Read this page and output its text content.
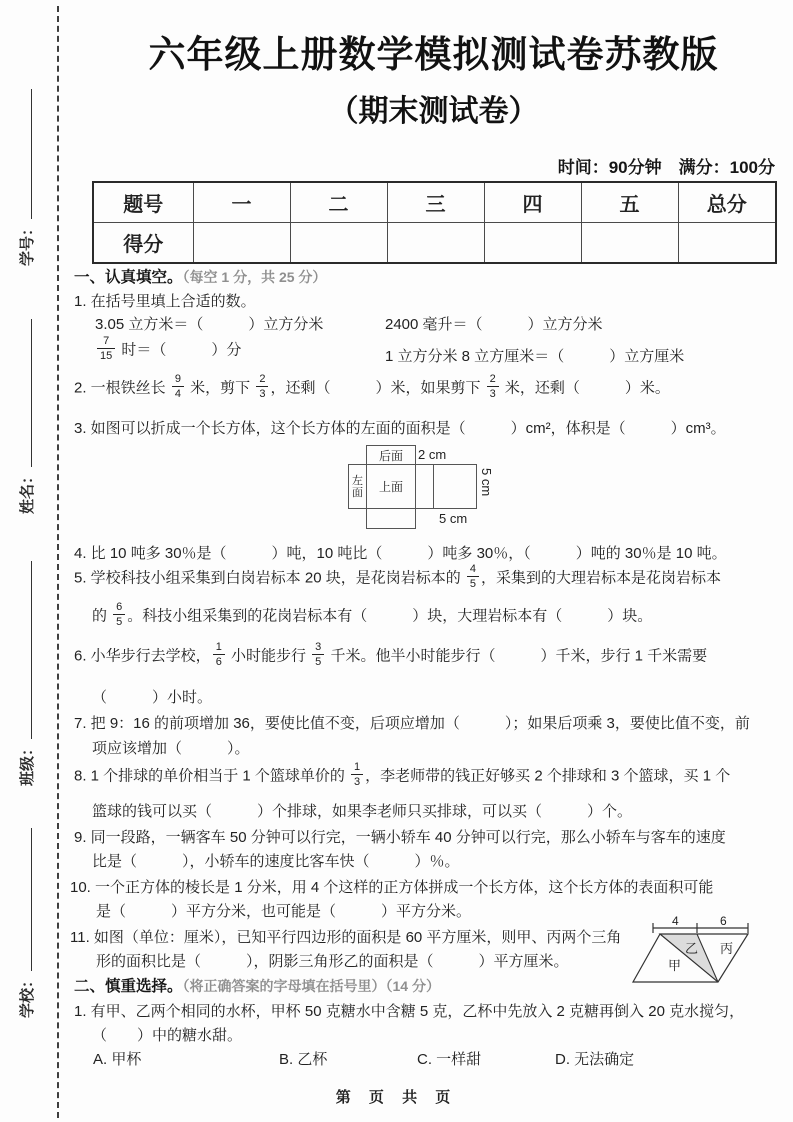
学号：
姓名：
班级：
学校：
六年级上册数学模拟测试卷苏教版
（期末测试卷）
时间：90分钟　满分：100分
题号	一	二	三	四	五	总分
得分						
一、认真填空。（每空 1 分，共 25 分）
1. 在括号里填上合适的数。
3.05 立方米＝（　　　）立方分米	2400 毫升＝（　　　）立方分米
$\frac{7}{15}$ 时＝（　　　）分	1 立方分米 8 立方厘米＝（　　　）立方厘米
2. 一根铁丝长 $\frac{9}{4}$ 米，剪下 $\frac{2}{3}$ ，还剩（　　　）米，如果剪下 $\frac{2}{3}$ 米，还剩（　　　）米。
3. 如图可以折成一个长方体，这个长方体的左面的面积是（　　　）cm²，体积是（　　　）cm³。
后面
左面 上面
2 cm
5 cm
5 cm
4. 比 10 吨多 30％是（　　　）吨，10 吨比（　　　）吨多 30％，（　　　）吨的 30％是 10 吨。
5. 学校科技小组采集到白岗岩标本 20 块，是花岗岩标本的 $\frac{4}{5}$ ，采集到的大理岩标本是花岗岩标本
的 $\frac{6}{5}$ 。科技小组采集到的花岗岩标本有（　　　）块，大理岩标本有（　　　）块。
6. 小华步行去学校， $\frac{1}{6}$ 小时能步行 $\frac{3}{5}$ 千米。他半小时能步行（　　　）千米，步行 1 千米需要
（　　　）小时。
7. 把 9：16 的前项增加 36，要使比值不变，后项应增加（　　　）；如果后项乘 3，要使比值不变，前
项应该增加（　　　）。
8. 1 个排球的单价相当于 1 个篮球单价的 $\frac{1}{3}$ ，李老师带的钱正好够买 2 个排球和 3 个篮球，买 1 个
篮球的钱可以买（　　　）个排球，如果李老师只买排球，可以买（　　　）个。
9. 同一段路，一辆客车 50 分钟可以行完，一辆小轿车 40 分钟可以行完，那么小轿车与客车的速度
比是（　　　），小轿车的速度比客车快（　　　）％。
10. 一个正方体的棱长是 1 分米，用 4 个这样的正方体拼成一个长方体，这个长方体的表面积可能
是（　　　）平方分米，也可能是（　　　）平方分米。
11. 如图（单位：厘米），已知平行四边形的面积是 60 平方厘米，则甲、丙两个三角
形的面积比是（　　　），阴影三角形乙的面积是（　　　）平方厘米。
4	6
甲
乙 丙
二、慎重选择。（将正确答案的字母填在括号里）（14 分）
1. 有甲、乙两个相同的水杯，甲杯 50 克糖水中含糖 5 克，乙杯中先放入 2 克糖再倒入 20 克水搅匀，
（　　）中的糖水甜。
A. 甲杯	B. 乙杯	C. 一样甜	D. 无法确定
第 页 共 页
